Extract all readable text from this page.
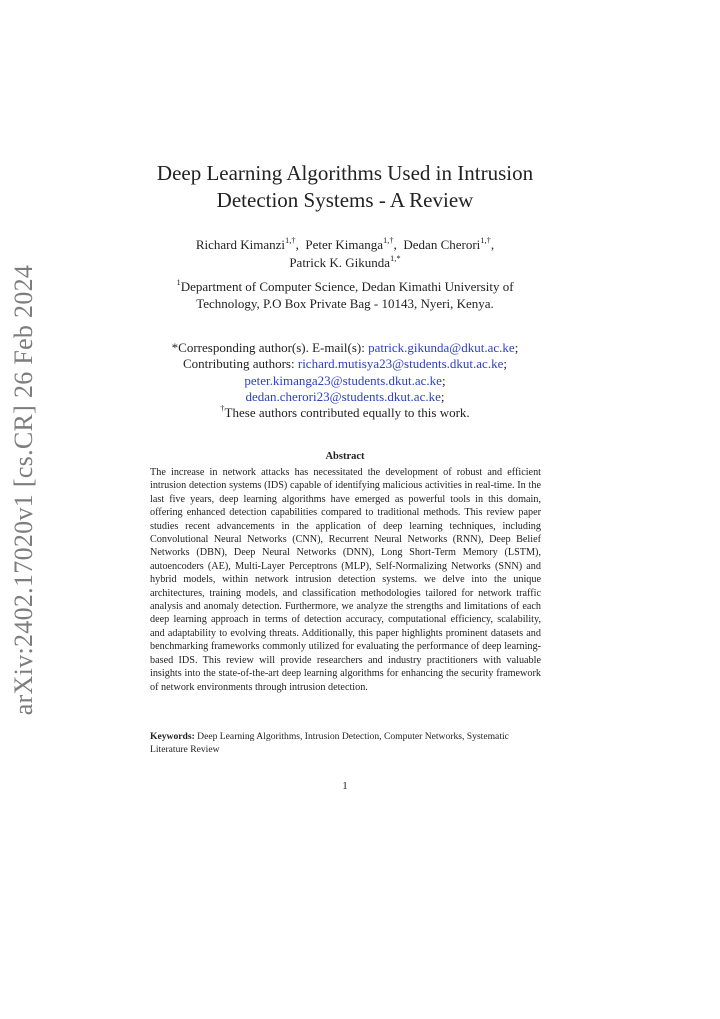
arXiv:2402.17020v1 [cs.CR] 26 Feb 2024
Deep Learning Algorithms Used in Intrusion
Detection Systems - A Review
Richard Kimanzi$^{1,\dagger}$,  Peter Kimanga$^{1,\dagger}$,  Dedan Cherori$^{1,\dagger}$,
Patrick K. Gikunda$^{1,*}$
$^1$Department of Computer Science, Dedan Kimathi University of
Technology, P.O Box Private Bag - 10143, Nyeri, Kenya.
*Corresponding author(s). E-mail(s): patrick.gikunda@dkut.ac.ke;
Contributing authors: richard.mutisya23@students.dkut.ac.ke;
peter.kimanga23@students.dkut.ac.ke;
dedan.cherori23@students.dkut.ac.ke;
†These authors contributed equally to this work.
Abstract
The increase in network attacks has necessitated the development of robust and efficient intrusion detection systems (IDS) capable of identifying malicious activities in real-time. In the last five years, deep learning algorithms have emerged as powerful tools in this domain, offering enhanced detection capabilities compared to traditional methods. This review paper studies recent advancements in the application of deep learning techniques, including Convolutional Neural Networks (CNN), Recurrent Neural Networks (RNN), Deep Belief Networks (DBN), Deep Neural Networks (DNN), Long Short-Term Memory (LSTM), autoencoders (AE), Multi-Layer Perceptrons (MLP), Self-Normalizing Networks (SNN) and hybrid models, within network intrusion detection systems. we delve into the unique architectures, training models, and classification methodologies tailored for network traffic analysis and anomaly detection. Furthermore, we analyze the strengths and limitations of each deep learning approach in terms of detection accuracy, computational efficiency, scalability, and adaptability to evolving threats. Additionally, this paper highlights prominent datasets and benchmarking frameworks commonly utilized for evaluating the performance of deep learning-based IDS. This review will provide researchers and industry practitioners with valuable insights into the state-of-the-art deep learning algorithms for enhancing the security framework of network environments through intrusion detection.
Keywords: Deep Learning Algorithms, Intrusion Detection, Computer Networks, Systematic Literature Review
1
